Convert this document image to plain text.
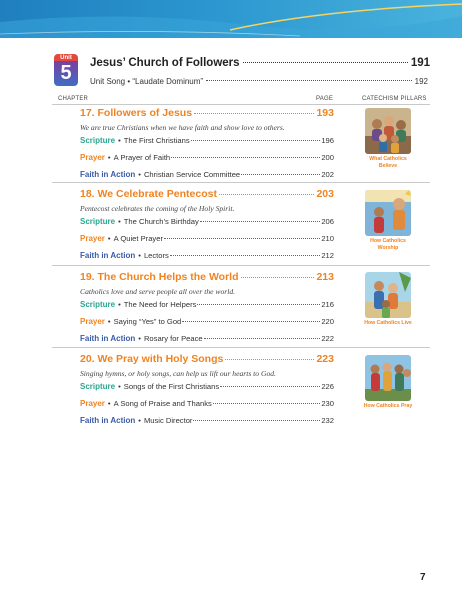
Unit
5	Jesus’ Church of Followers	191
Unit Song • “Laudate Dominum”	192
CHAPTER	PAGE	CATECHISM PILLARS
17. Followers of Jesus	193
We are true Christians when we have faith and show love to others.
Scripture • The First Christians	196
Prayer • A Prayer of Faith	200
Faith in Action • Christian Service Committee	202
18. We Celebrate Pentecost	203
Pentecost celebrates the coming of the Holy Spirit.
Scripture • The Church’s Birthday	206
Prayer • A Quiet Prayer	210
Faith in Action • Lectors	212
19. The Church Helps the World	213
Catholics love and serve people all over the world.
Scripture • The Need for Helpers	216
Prayer • Saying “Yes” to God	220
Faith in Action • Rosary for Peace	222
20. We Pray with Holy Songs	223
Singing hymns, or holy songs, can help us lift our hearts to God.
Scripture • Songs of the First Christians	226
Prayer • A Song of Praise and Thanks	230
Faith in Action • Music Director	232
What Catholics Believe
How Catholics Worship
How Catholics Live
How Catholics Pray
7
